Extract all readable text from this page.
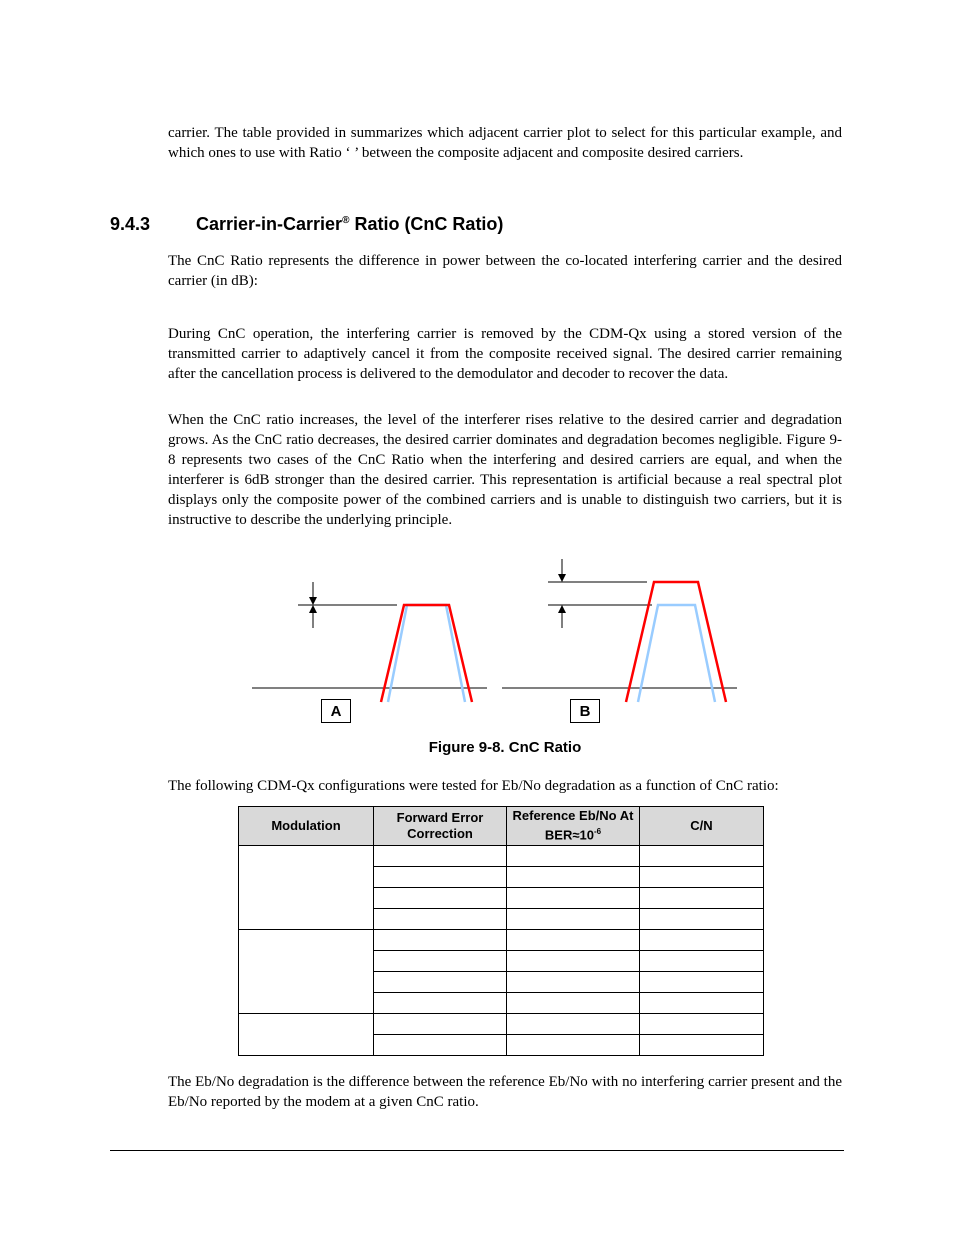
carrier. The table provided in summarizes which adjacent carrier plot to select for this particular example, and which ones to use with Ratio ‘ ’ between the composite adjacent and composite desired carriers.

9.4.3	Carrier-in-Carrier® Ratio (CnC Ratio)

The CnC Ratio represents the difference in power between the co-located interfering carrier and the desired carrier (in dB):

During CnC operation, the interfering carrier is removed by the CDM-Qx using a stored version of the transmitted carrier to adaptively cancel it from the composite received signal. The desired carrier remaining after the cancellation process is delivered to the demodulator and decoder to recover the data.

When the CnC ratio increases, the level of the interferer rises relative to the desired carrier and degradation grows. As the CnC ratio decreases, the desired carrier dominates and degradation becomes negligible. Figure 9-8 represents two cases of the CnC Ratio when the interfering and desired carriers are equal, and when the interferer is 6dB stronger than the desired carrier. This representation is artificial because a real spectral plot displays only the composite power of the combined carriers and is unable to distinguish two carriers, but it is instructive to describe the underlying principle.

A	B
Figure 9-8. CnC Ratio

The following CDM-Qx configurations were tested for Eb/No degradation as a function of CnC ratio:

Modulation	Forward Error Correction	Reference Eb/No At $BER\approx 10^{-6}$	C/N

The Eb/No degradation is the difference between the reference Eb/No with no interfering carrier present and the Eb/No reported by the modem at a given CnC ratio.
